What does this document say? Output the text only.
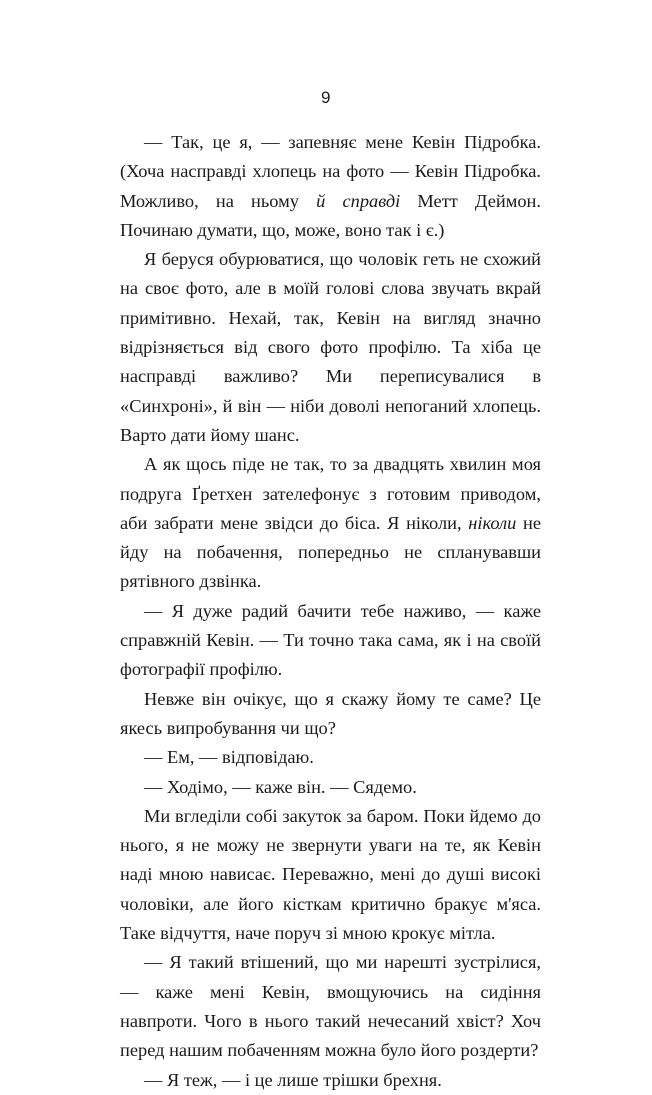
9

— Так, це я, — запевняє мене Кевін Підробка. (Хоча насправді хлопець на фото — Кевін Підробка. Можливо, на ньому й справді Метт Деймон. Починаю думати, що, може, воно так і є.)

Я беруся обурюватися, що чоловік геть не схожий на своє фото, але в моїй голові слова звучать вкрай примітивно. Нехай, так, Кевін на вигляд значно відрізняється від свого фото профілю. Та хіба це насправді важливо? Ми переписувалися в «Синхроні», й він — ніби доволі непоганий хлопець. Варто дати йому шанс.

А як щось піде не так, то за двадцять хвилин моя подруга Ґретхен зателефонує з готовим приводом, аби забрати мене звідси до біса. Я ніколи, ніколи не йду на побачення, попередньо не спланувавши рятівного дзвінка.

— Я дуже радий бачити тебе наживо, — каже справжній Кевін. — Ти точно така сама, як і на своїй фотографії профілю.

Невже він очікує, що я скажу йому те саме? Це якесь випробування чи що?

— Ем, — відповідаю.

— Ходімо, — каже він. — Сядемо.

Ми вгледіли собі закуток за баром. Поки йдемо до нього, я не можу не звернути уваги на те, як Кевін наді мною нависає. Переважно, мені до душі високі чоловіки, але його кісткам критично бракує м'яса. Таке відчуття, наче поруч зі мною крокує мітла.

— Я такий втішений, що ми нарешті зустрілися, — каже мені Кевін, вмощуючись на сидіння навпроти. Чого в нього такий нечесаний хвіст? Хоч перед нашим побаченням можна було його роздерти?

— Я теж, — і це лише трішки брехня.
